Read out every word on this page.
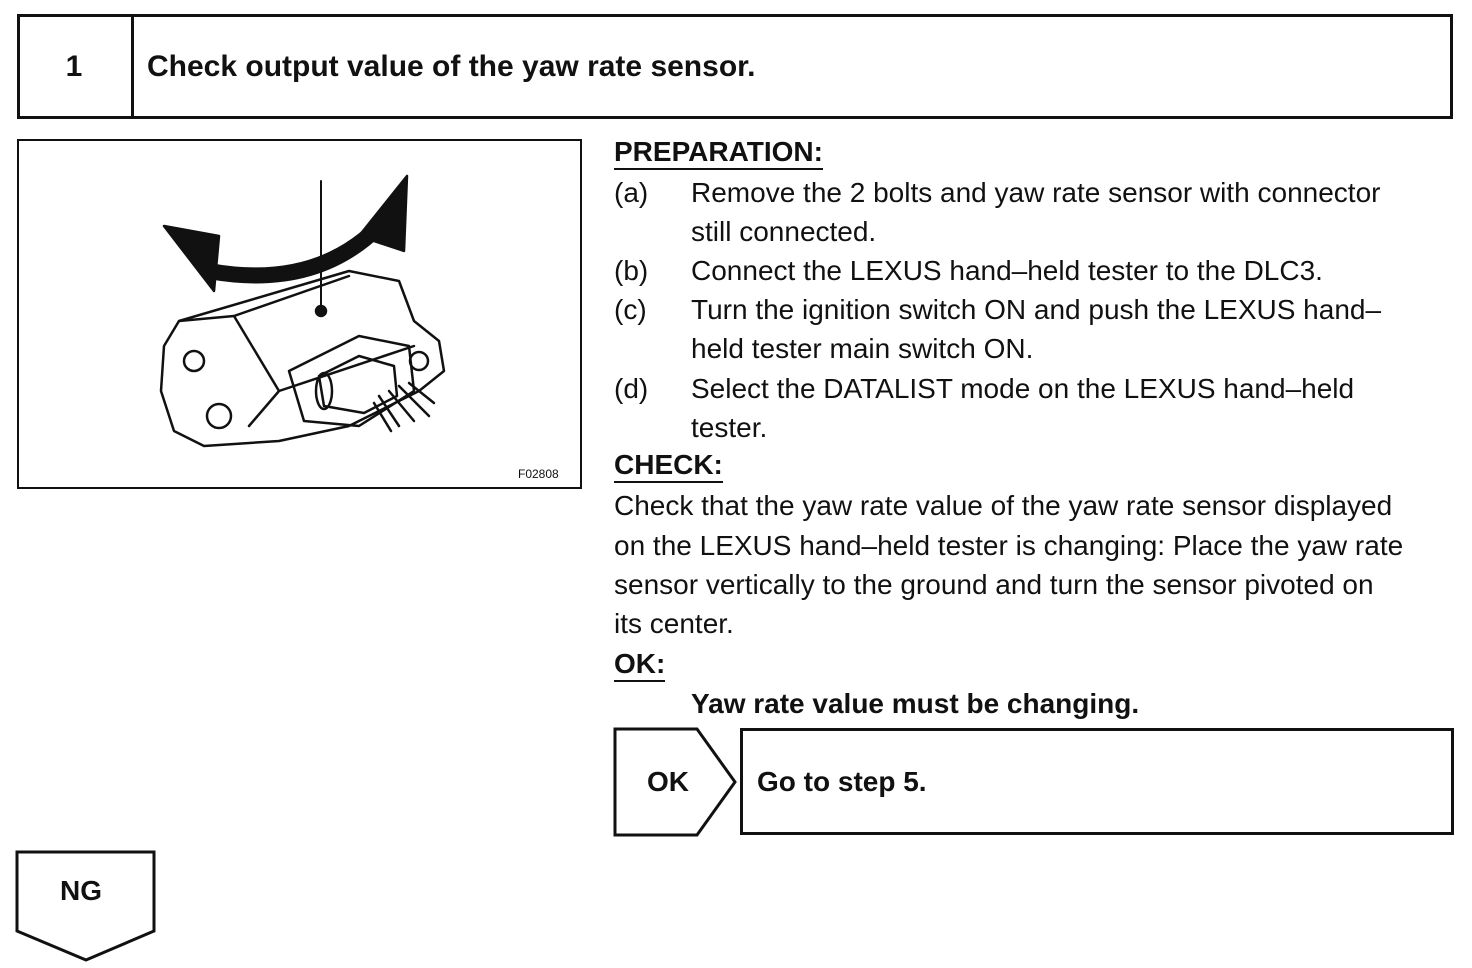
1	Check output value of the yaw rate sensor.
F02808
PREPARATION:
(a)	Remove the 2 bolts and yaw rate sensor with connector
still connected.
(b)	Connect the LEXUS hand–held tester to the DLC3.
(c)	Turn the ignition switch ON and push the LEXUS hand–
held tester main switch ON.
(d)	Select the DATALIST mode on the LEXUS hand–held
tester.
CHECK:
Check that the yaw rate value of the yaw rate sensor displayed
on the LEXUS hand–held tester is changing: Place the yaw rate
sensor vertically to the ground and turn the sensor pivoted on
its center.
OK:
Yaw rate value must be changing.
OK	Go to step 5.
NG
